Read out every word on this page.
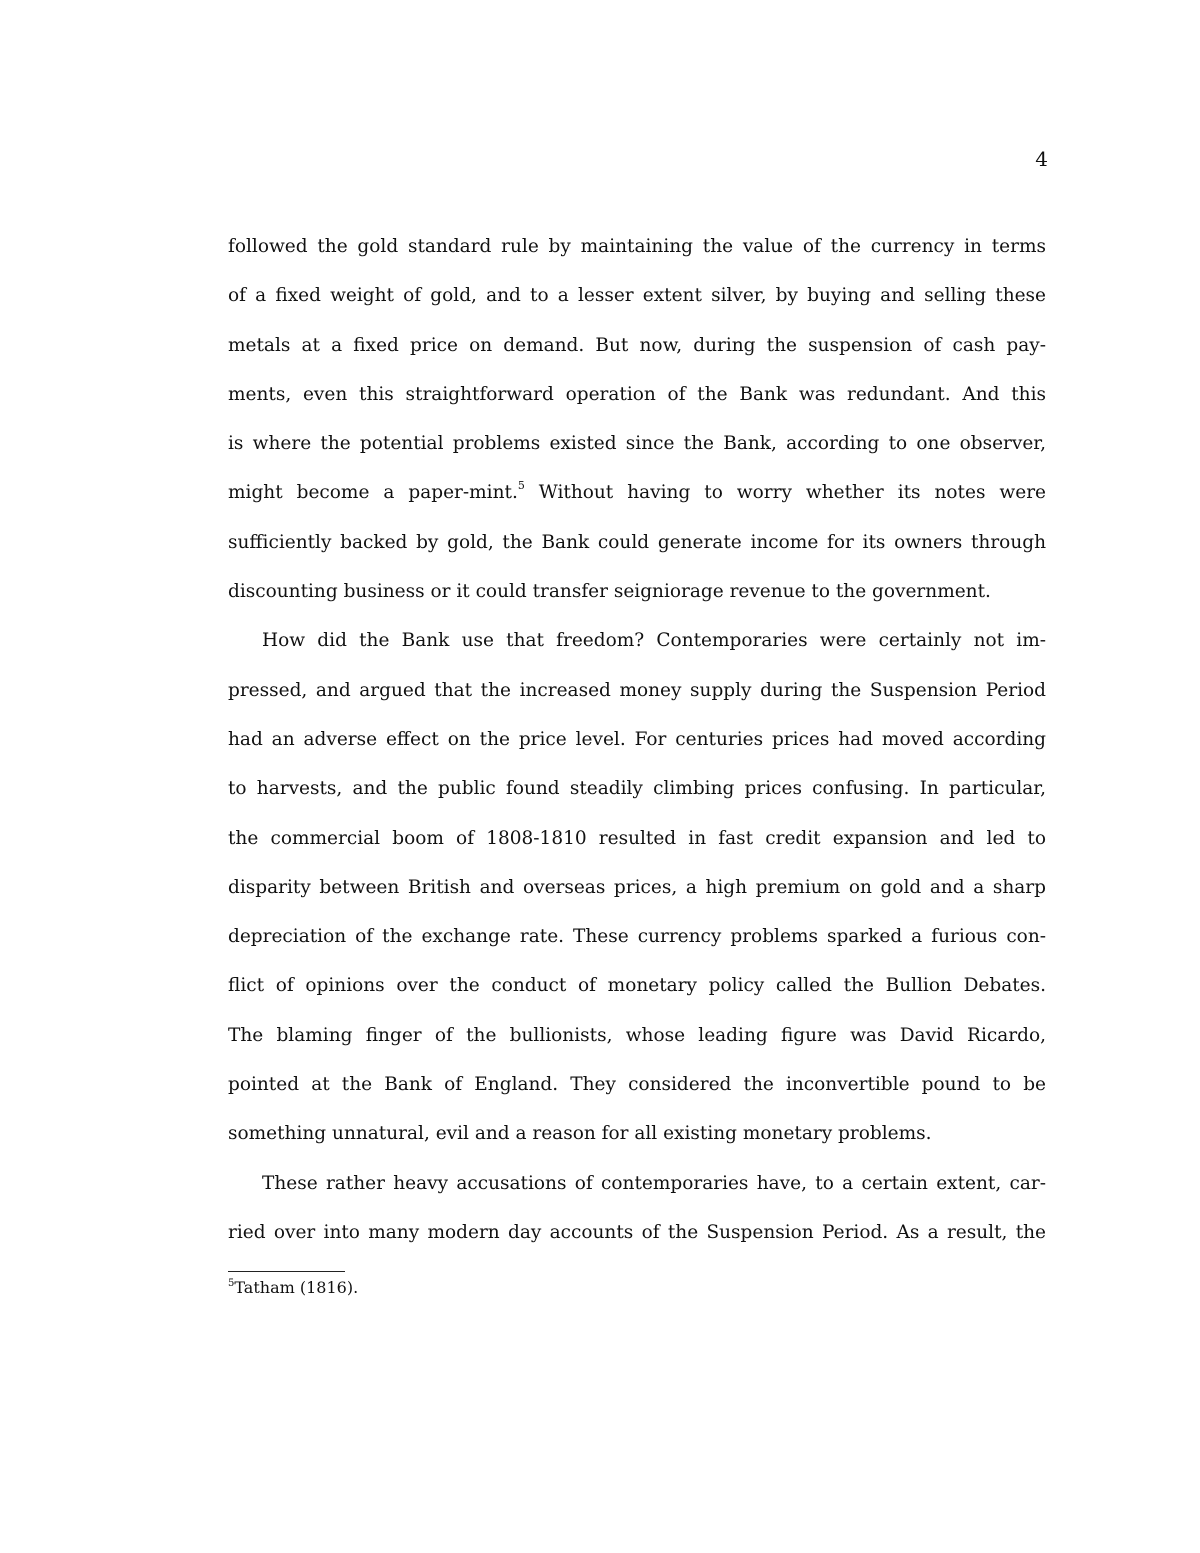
4
followed the gold standard rule by maintaining the value of the currency in terms
of a fixed weight of gold, and to a lesser extent silver, by buying and selling these
metals at a fixed price on demand. But now, during the suspension of cash pay-
ments, even this straightforward operation of the Bank was redundant. And this
is where the potential problems existed since the Bank, according to one observer,
might become a paper-mint.$^5$ Without having to worry whether its notes were
sufficiently backed by gold, the Bank could generate income for its owners through
discounting business or it could transfer seigniorage revenue to the government.
How did the Bank use that freedom? Contemporaries were certainly not im-
pressed, and argued that the increased money supply during the Suspension Period
had an adverse effect on the price level. For centuries prices had moved according
to harvests, and the public found steadily climbing prices confusing. In particular,
the commercial boom of 1808-1810 resulted in fast credit expansion and led to
disparity between British and overseas prices, a high premium on gold and a sharp
depreciation of the exchange rate. These currency problems sparked a furious con-
flict of opinions over the conduct of monetary policy called the Bullion Debates.
The blaming finger of the bullionists, whose leading figure was David Ricardo,
pointed at the Bank of England. They considered the inconvertible pound to be
something unnatural, evil and a reason for all existing monetary problems.
These rather heavy accusations of contemporaries have, to a certain extent, car-
ried over into many modern day accounts of the Suspension Period. As a result, the
$^5$Tatham (1816).
